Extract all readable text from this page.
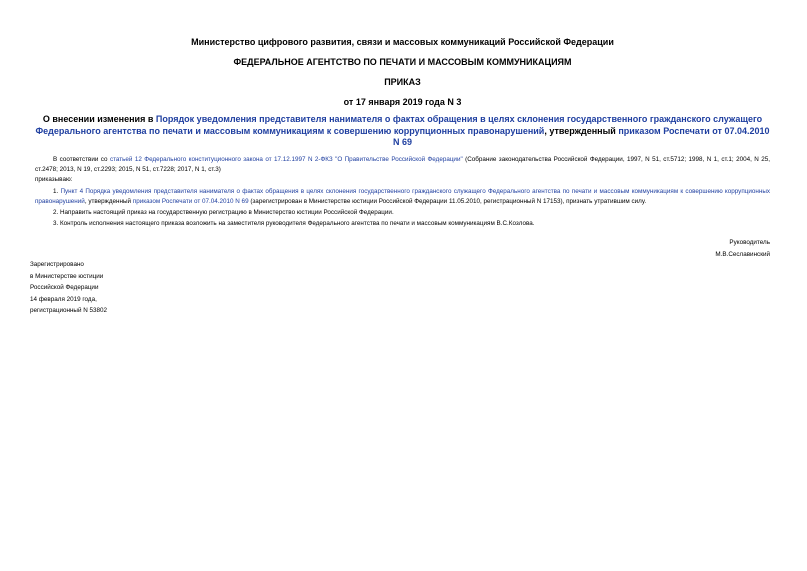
Министерство цифрового развития, связи и массовых коммуникаций Российской Федерации
ФЕДЕРАЛЬНОЕ АГЕНТСТВО ПО ПЕЧАТИ И МАССОВЫМ КОММУНИКАЦИЯМ
ПРИКАЗ
от 17 января 2019 года N 3
О внесении изменения в Порядок уведомления представителя нанимателя о фактах обращения в целях склонения государственного гражданского служащего Федерального агентства по печати и массовым коммуникациям к совершению коррупционных правонарушений, утвержденный приказом Роспечати от 07.04.2010 N 69

В соответствии со статьей 12 Федерального конституционного закона от 17.12.1997 N 2-ФКЗ "О Правительстве Российской Федерации" (Собрание законодательства Российской Федерации, 1997, N 51, ст.5712; 1998, N 1, ст.1; 2004, N 25, ст.2478; 2013, N 19, ст.2293; 2015, N 51, ст.7228; 2017, N 1, ст.3)

приказываю:

1. Пункт 4 Порядка уведомления представителя нанимателя о фактах обращения в целях склонения государственного гражданского служащего Федерального агентства по печати и массовым коммуникациям к совершению коррупционных правонарушений, утвержденный приказом Роспечати от 07.04.2010 N 69 (зарегистрирован в Министерстве юстиции Российской Федерации 11.05.2010, регистрационный N 17153), признать утратившим силу.

2. Направить настоящий приказ на государственную регистрацию в Министерство юстиции Российской Федерации.

3. Контроль исполнения настоящего приказа возложить на заместителя руководителя Федерального агентства по печати и массовым коммуникациям В.С.Козлова.

Руководитель
М.В.Сеславинский
Зарегистрировано
в Министерстве юстиции
Российской Федерации
14 февраля 2019 года,
регистрационный N 53802
